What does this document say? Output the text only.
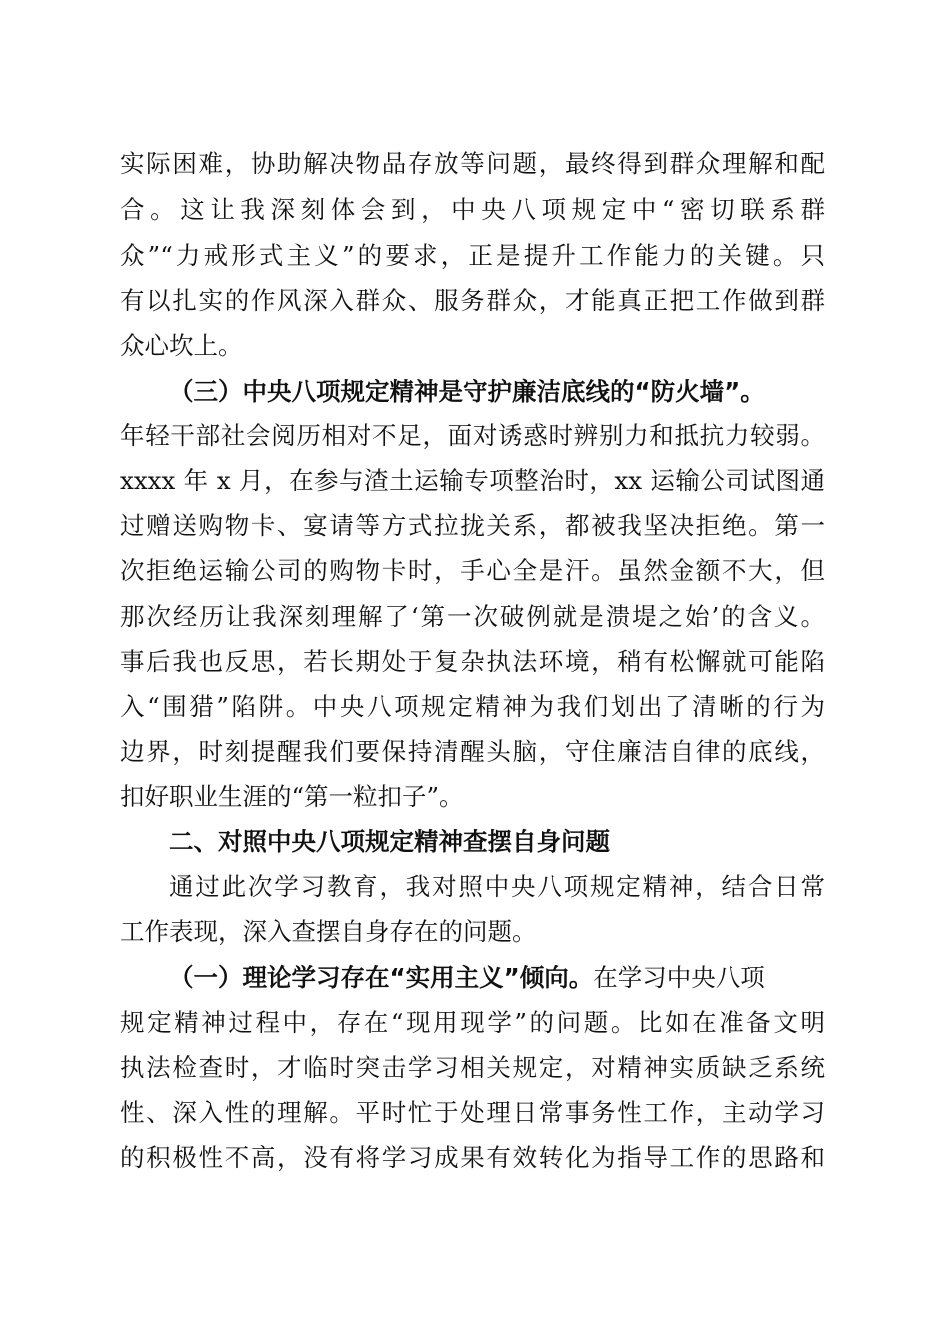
实际困难，协助解决物品存放等问题，最终得到群众理解和配
合。这让我深刻体会到，中央八项规定中“密切联系群
众”“力戒形式主义”的要求，正是提升工作能力的关键。只
有以扎实的作风深入群众、服务群众，才能真正把工作做到群
众心坎上。
（三）中央八项规定精神是守护廉洁底线的“防火墙”。
年轻干部社会阅历相对不足，面对诱惑时辨别力和抵抗力较弱。
xxxx 年 x 月，在参与渣土运输专项整治时，xx 运输公司试图通
过赠送购物卡、宴请等方式拉拢关系，都被我坚决拒绝。第一
次拒绝运输公司的购物卡时，手心全是汗。虽然金额不大，但
那次经历让我深刻理解了‘第一次破例就是溃堤之始’的含义。
事后我也反思，若长期处于复杂执法环境，稍有松懈就可能陷
入“围猎”陷阱。中央八项规定精神为我们划出了清晰的行为
边界，时刻提醒我们要保持清醒头脑，守住廉洁自律的底线，
扣好职业生涯的“第一粒扣子”。
二、对照中央八项规定精神查摆自身问题
通过此次学习教育，我对照中央八项规定精神，结合日常
工作表现，深入查摆自身存在的问题。
（一）理论学习存在“实用主义”倾向。在学习中央八项
规定精神过程中，存在“现用现学”的问题。比如在准备文明
执法检查时，才临时突击学习相关规定，对精神实质缺乏系统
性、深入性的理解。平时忙于处理日常事务性工作，主动学习
的积极性不高，没有将学习成果有效转化为指导工作的思路和
